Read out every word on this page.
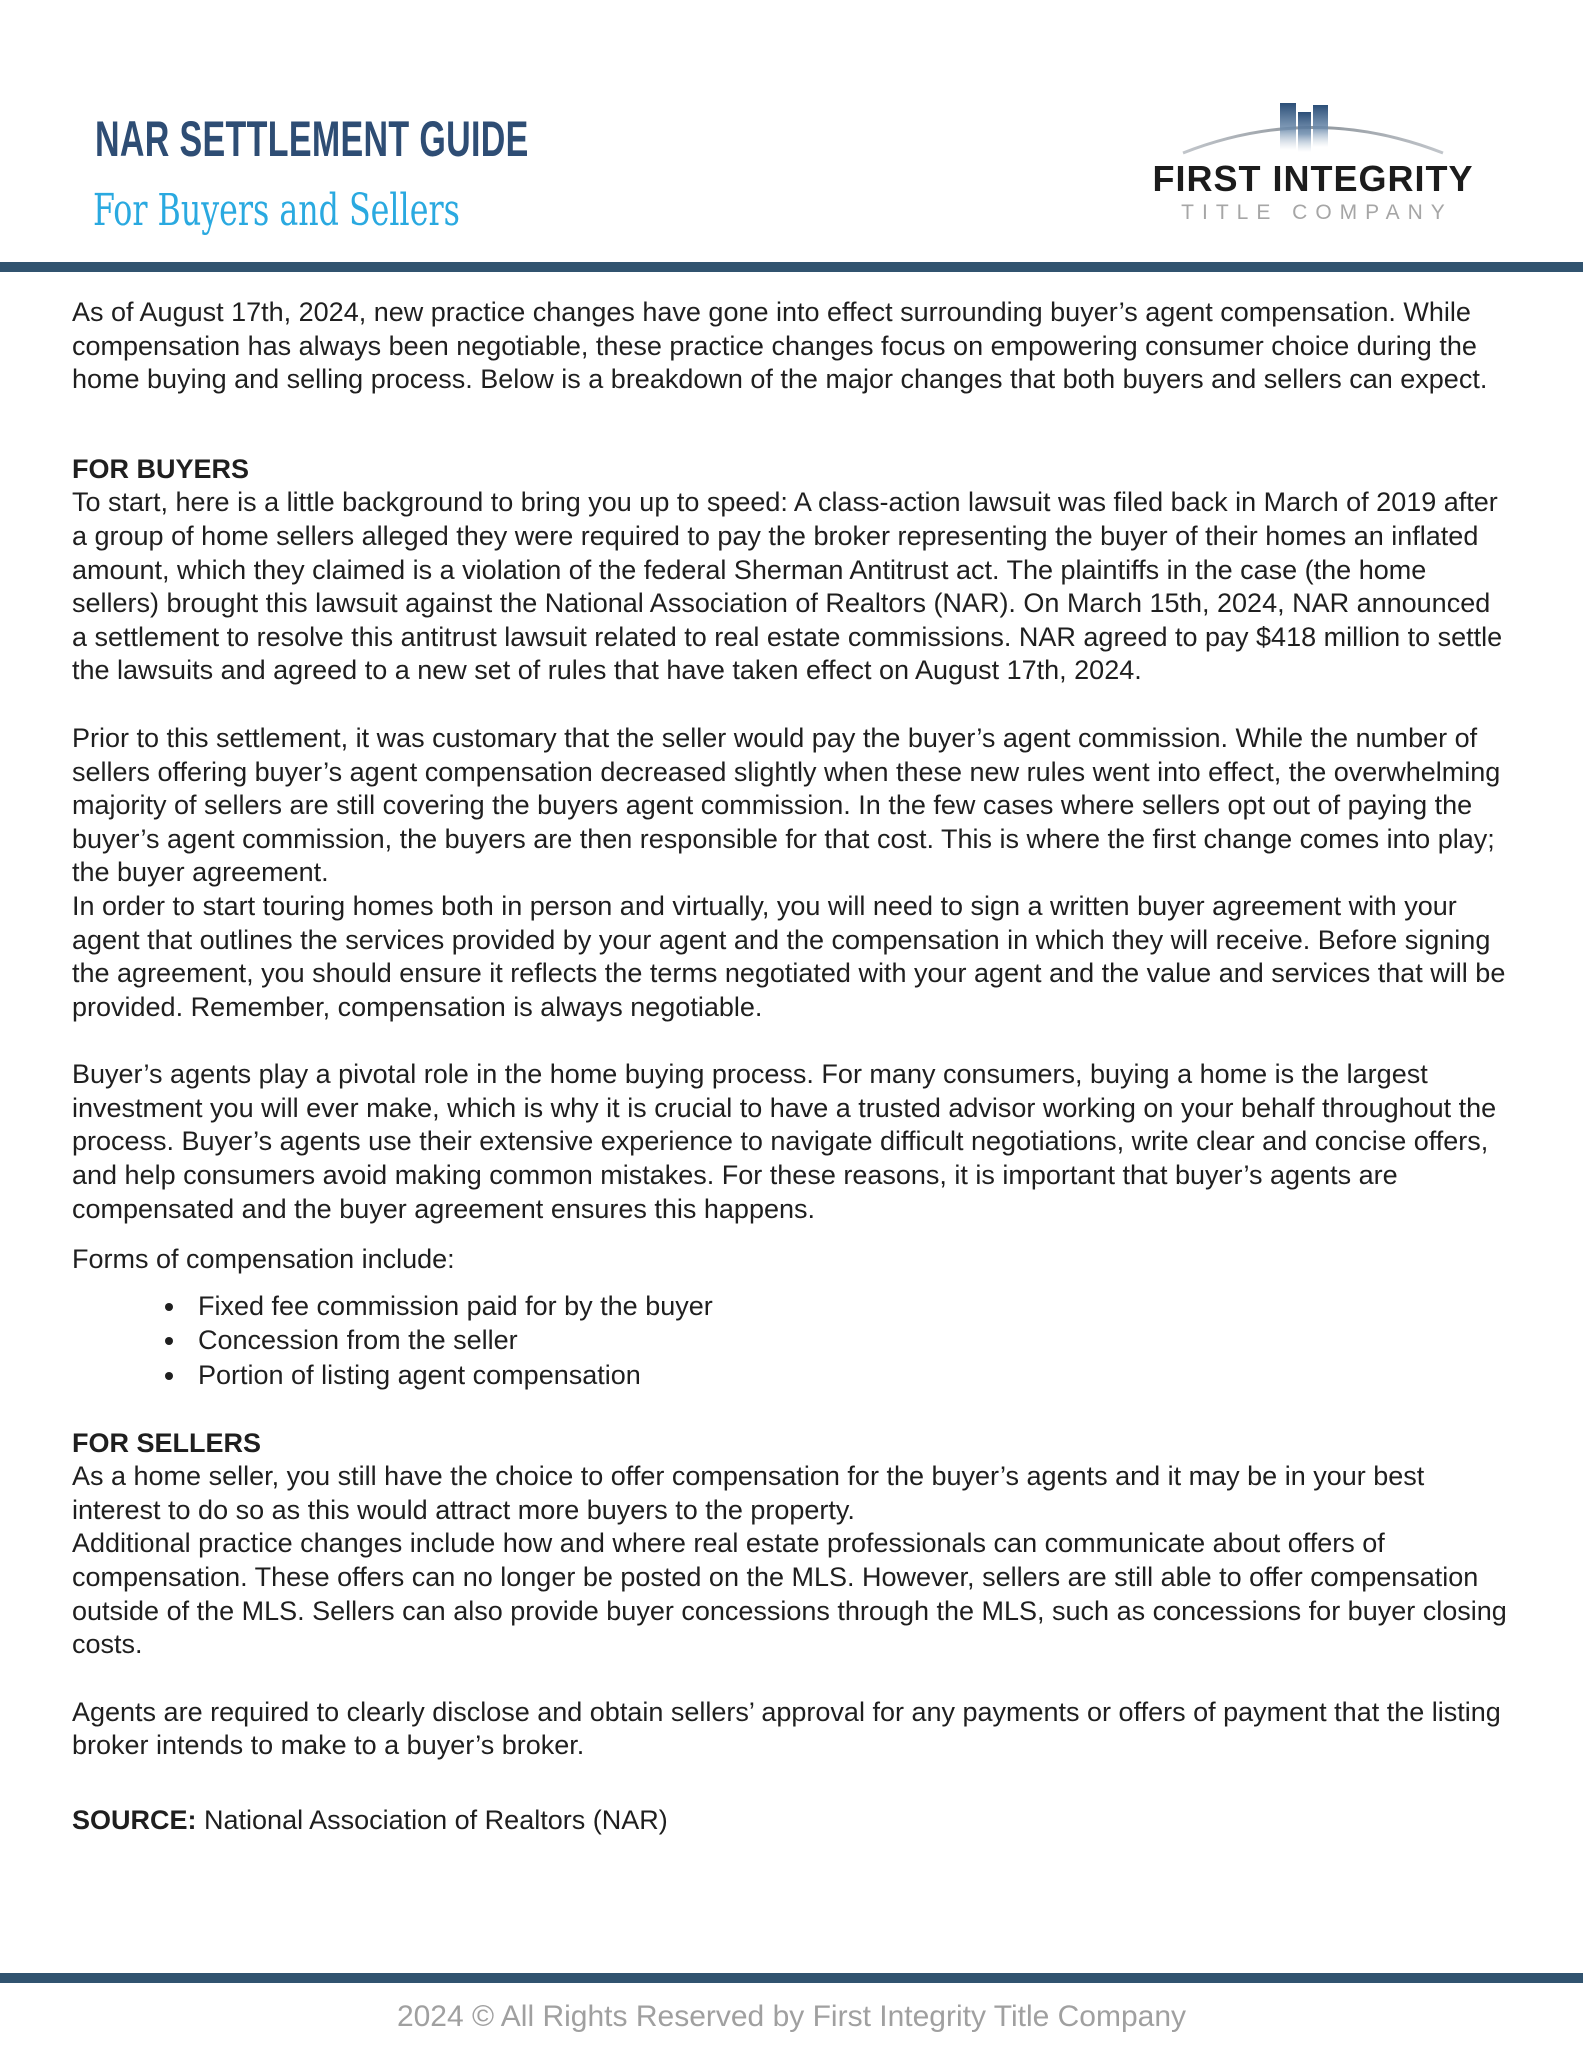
NAR SETTLEMENT GUIDE
For Buyers and Sellers
FIRST INTEGRITY
TITLE COMPANY

As of August 17th, 2024, new practice changes have gone into effect surrounding buyer’s agent compensation. While compensation has always been negotiable, these practice changes focus on empowering consumer choice during the home buying and selling process. Below is a breakdown of the major changes that both buyers and sellers can expect.

FOR BUYERS

To start, here is a little background to bring you up to speed: A class-action lawsuit was filed back in March of 2019 after a group of home sellers alleged they were required to pay the broker representing the buyer of their homes an inflated amount, which they claimed is a violation of the federal Sherman Antitrust act. The plaintiffs in the case (the home sellers) brought this lawsuit against the National Association of Realtors (NAR). On March 15th, 2024, NAR announced a settlement to resolve this antitrust lawsuit related to real estate commissions. NAR agreed to pay $418 million to settle the lawsuits and agreed to a new set of rules that have taken effect on August 17th, 2024.

Prior to this settlement, it was customary that the seller would pay the buyer’s agent commission. While the number of sellers offering buyer’s agent compensation decreased slightly when these new rules went into effect, the overwhelming majority of sellers are still covering the buyers agent commission. In the few cases where sellers opt out of paying the buyer’s agent commission, the buyers are then responsible for that cost. This is where the first change comes into play; the buyer agreement.

In order to start touring homes both in person and virtually, you will need to sign a written buyer agreement with your agent that outlines the services provided by your agent and the compensation in which they will receive. Before signing the agreement, you should ensure it reflects the terms negotiated with your agent and the value and services that will be provided. Remember, compensation is always negotiable.

Buyer’s agents play a pivotal role in the home buying process. For many consumers, buying a home is the largest investment you will ever make, which is why it is crucial to have a trusted advisor working on your behalf throughout the process. Buyer’s agents use their extensive experience to navigate difficult negotiations, write clear and concise offers, and help consumers avoid making common mistakes. For these reasons, it is important that buyer’s agents are compensated and the buyer agreement ensures this happens.

Forms of compensation include:

• Fixed fee commission paid for by the buyer
• Concession from the seller
• Portion of listing agent compensation
FOR SELLERS

As a home seller, you still have the choice to offer compensation for the buyer’s agents and it may be in your best interest to do so as this would attract more buyers to the property.

Additional practice changes include how and where real estate professionals can communicate about offers of compensation. These offers can no longer be posted on the MLS. However, sellers are still able to offer compensation outside of the MLS. Sellers can also provide buyer concessions through the MLS, such as concessions for buyer closing costs.

Agents are required to clearly disclose and obtain sellers’ approval for any payments or offers of payment that the listing broker intends to make to a buyer’s broker.

SOURCE: National Association of Realtors (NAR)

2024 © All Rights Reserved by First Integrity Title Company
